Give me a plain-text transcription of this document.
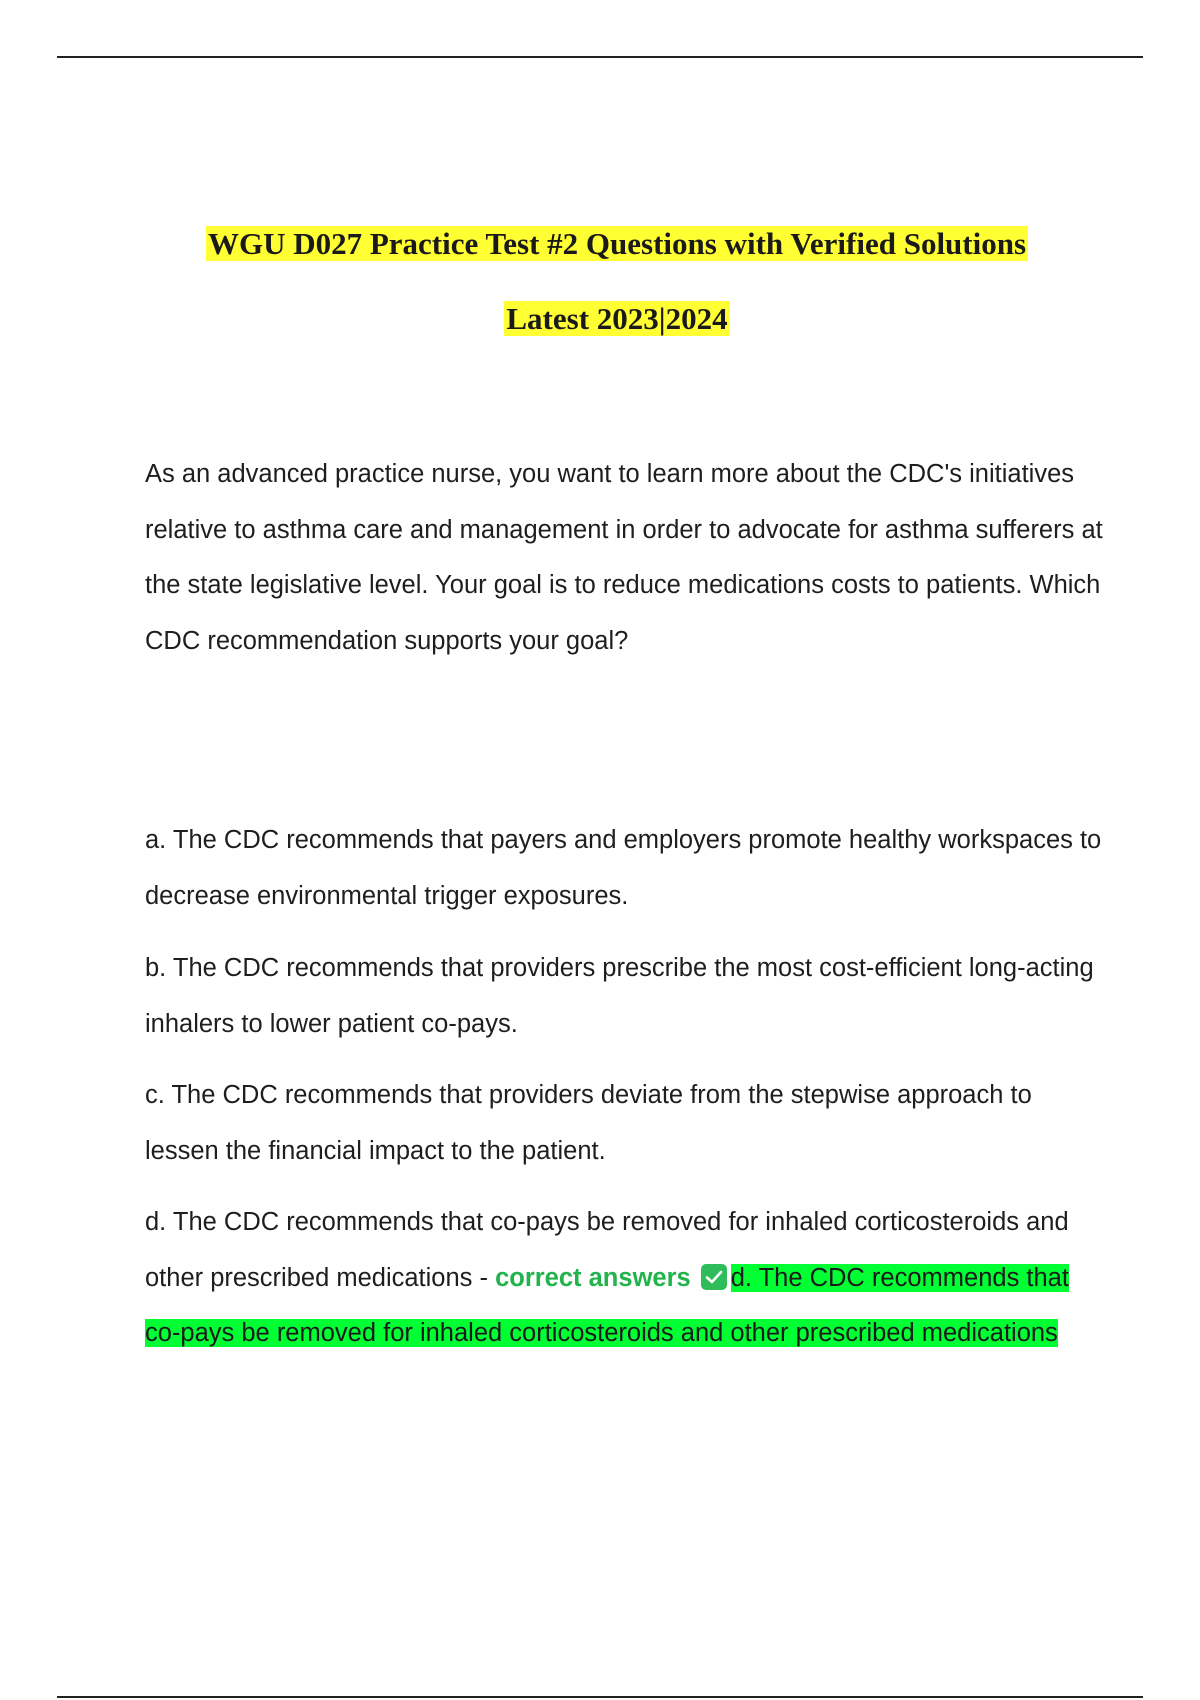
WGU D027 Practice Test #2 Questions with Verified Solutions
Latest 2023|2024
As an advanced practice nurse, you want to learn more about the CDC's initiatives relative to asthma care and management in order to advocate for asthma sufferers at the state legislative level. Your goal is to reduce medications costs to patients. Which CDC recommendation supports your goal?
a. The CDC recommends that payers and employers promote healthy workspaces to decrease environmental trigger exposures.
b. The CDC recommends that providers prescribe the most cost-efficient long-acting inhalers to lower patient co-pays.
c. The CDC recommends that providers deviate from the stepwise approach to lessen the financial impact to the patient.
d. The CDC recommends that co-pays be removed for inhaled corticosteroids and other prescribed medications - correct answers d. The CDC recommends that co-pays be removed for inhaled corticosteroids and other prescribed medications
